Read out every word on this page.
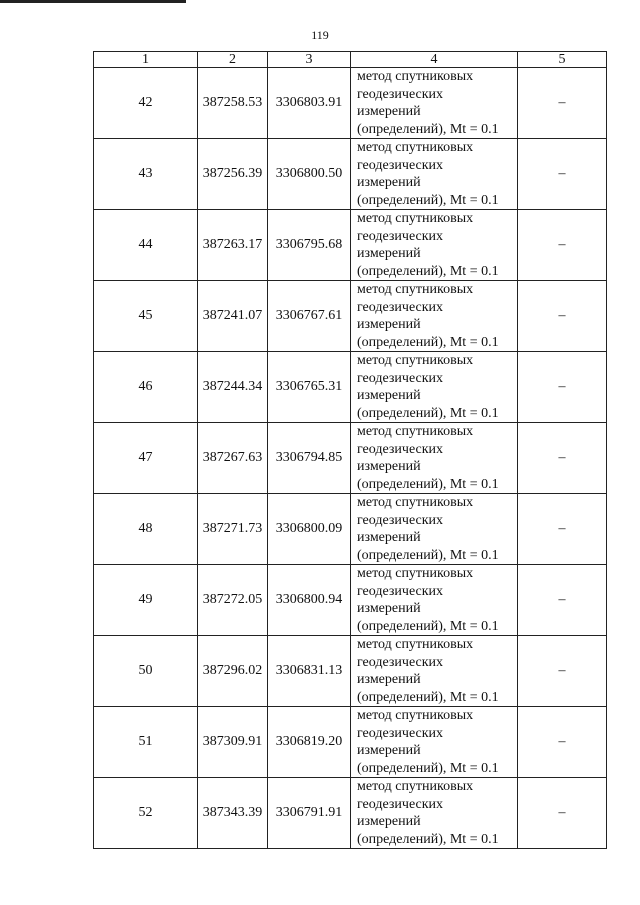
119
1	2	3	4	5
42	387258.53	3306803.91	метод спутниковых
геодезических
измерений
(определений), Mt = 0.1	–
43	387256.39	3306800.50	метод спутниковых
геодезических
измерений
(определений), Mt = 0.1	–
44	387263.17	3306795.68	метод спутниковых
геодезических
измерений
(определений), Mt = 0.1	–
45	387241.07	3306767.61	метод спутниковых
геодезических
измерений
(определений), Mt = 0.1	–
46	387244.34	3306765.31	метод спутниковых
геодезических
измерений
(определений), Mt = 0.1	–
47	387267.63	3306794.85	метод спутниковых
геодезических
измерений
(определений), Mt = 0.1	–
48	387271.73	3306800.09	метод спутниковых
геодезических
измерений
(определений), Mt = 0.1	–
49	387272.05	3306800.94	метод спутниковых
геодезических
измерений
(определений), Mt = 0.1	–
50	387296.02	3306831.13	метод спутниковых
геодезических
измерений
(определений), Mt = 0.1	–
51	387309.91	3306819.20	метод спутниковых
геодезических
измерений
(определений), Mt = 0.1	–
52	387343.39	3306791.91	метод спутниковых
геодезических
измерений
(определений), Mt = 0.1	–
